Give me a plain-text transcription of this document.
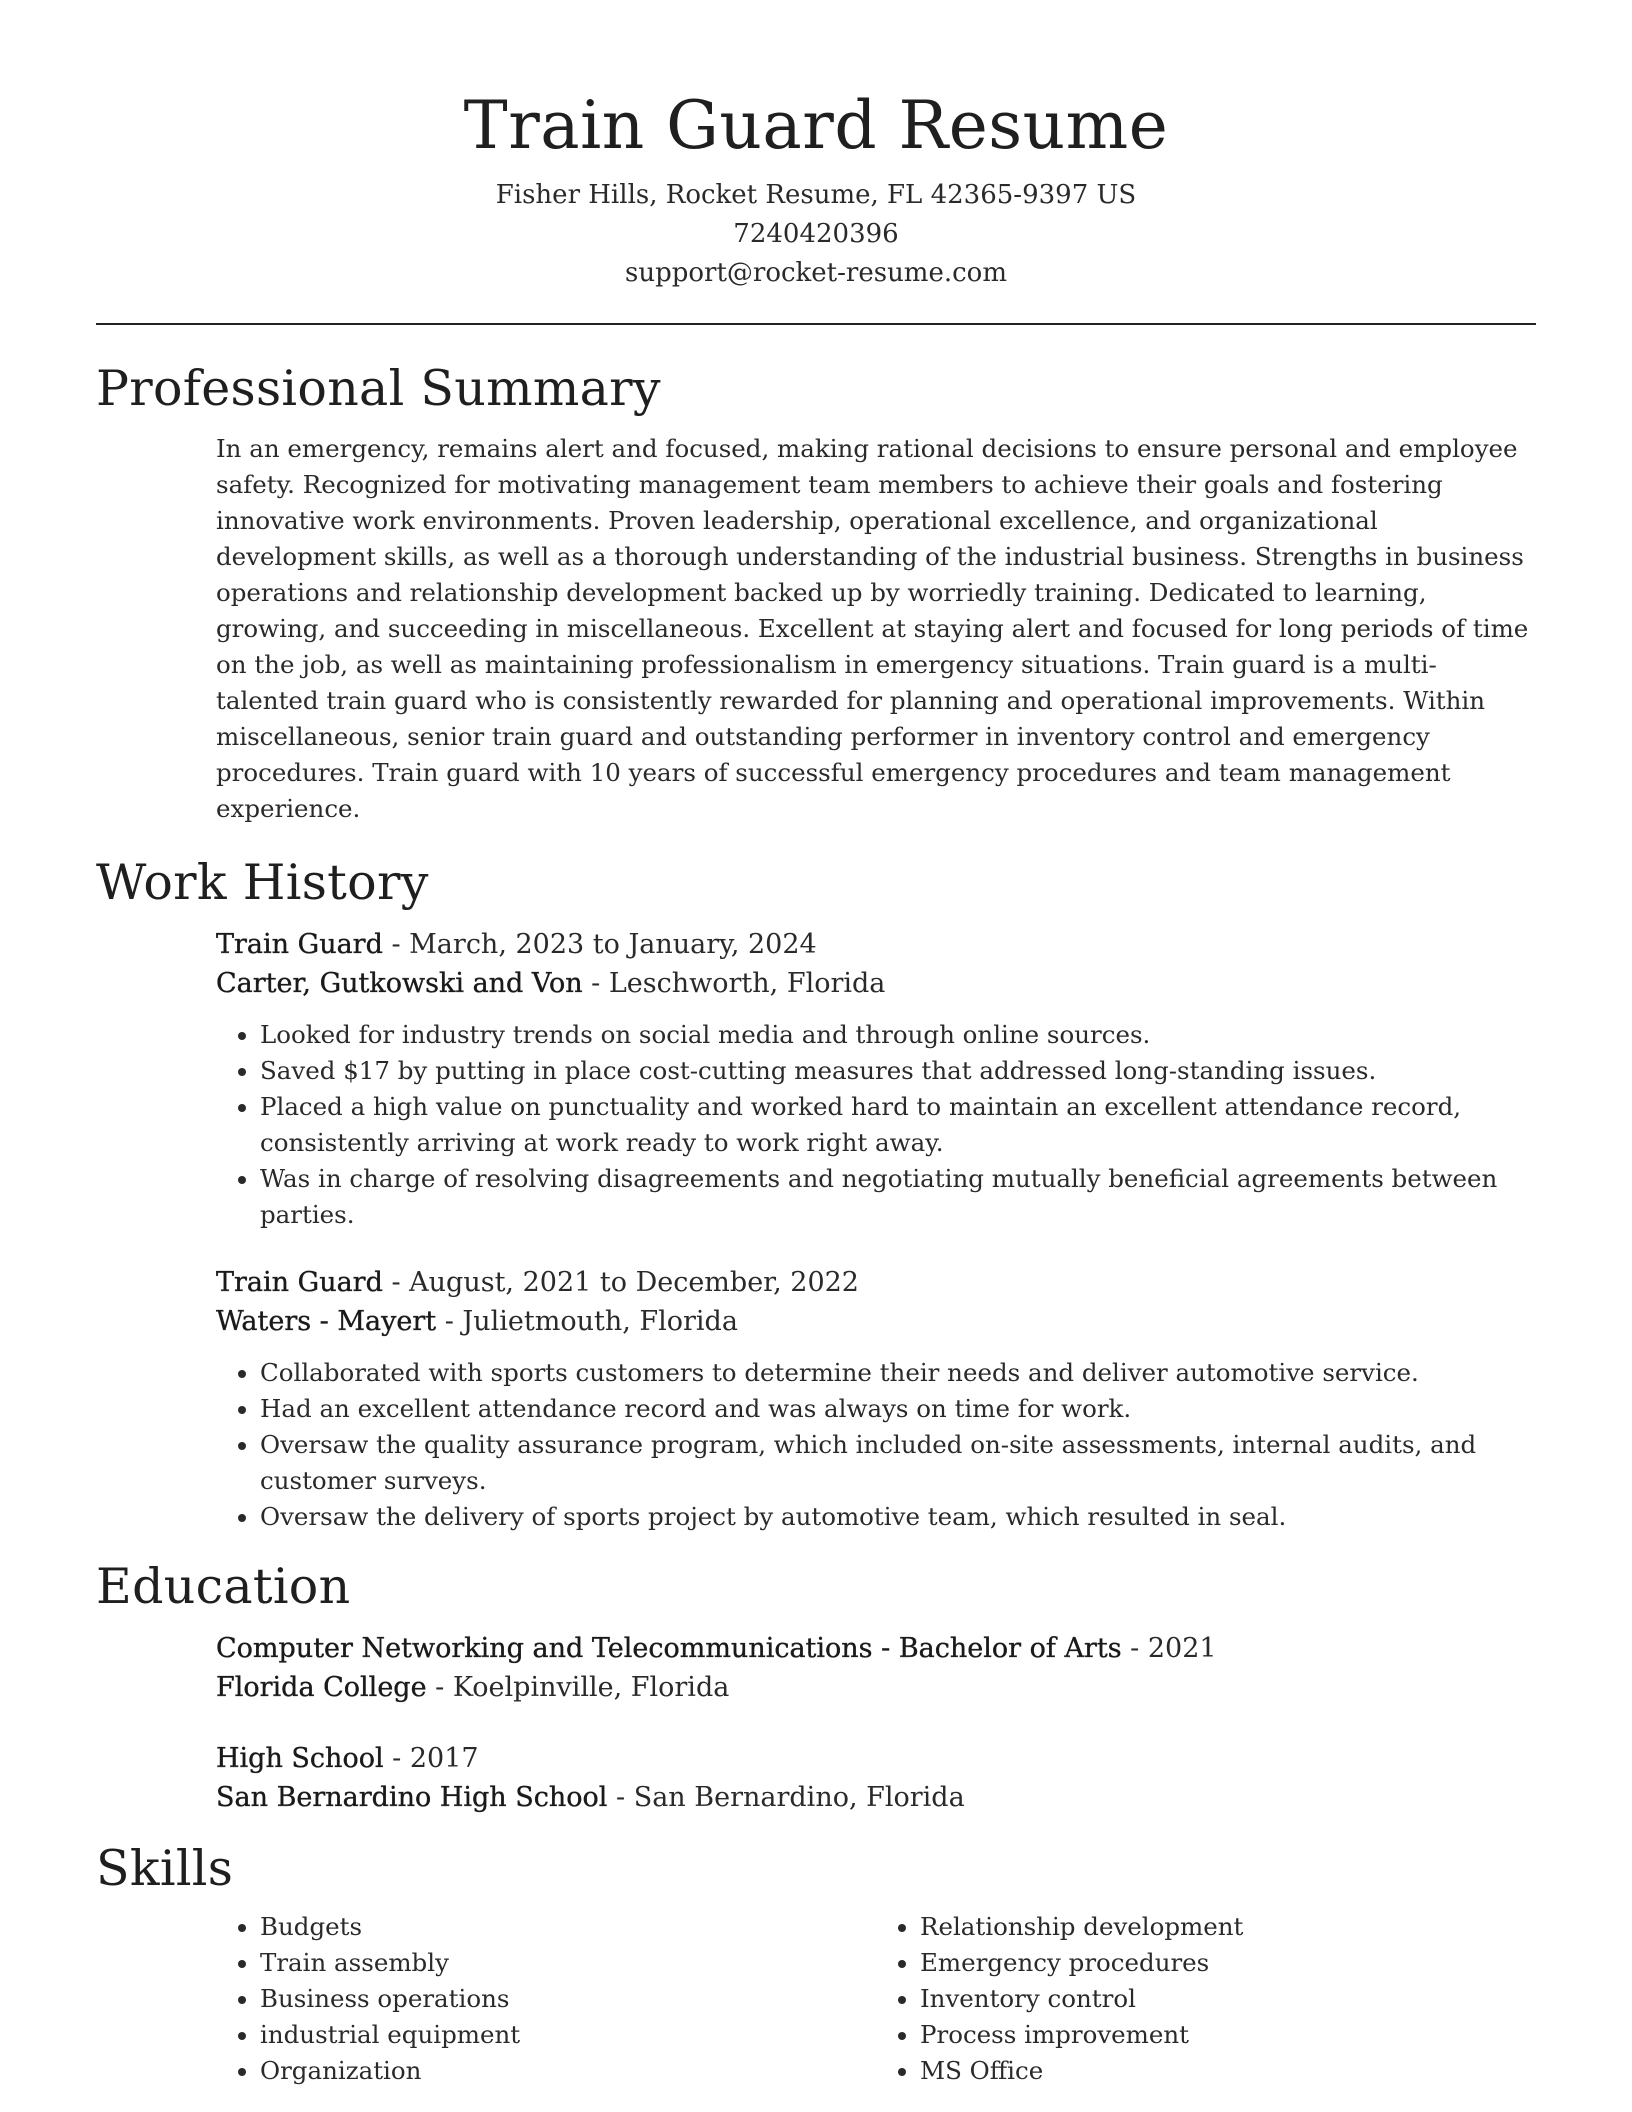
Train Guard Resume
Fisher Hills, Rocket Resume, FL 42365-9397 US
7240420396
support@rocket-resume.com
Professional Summary

In an emergency, remains alert and focused, making rational decisions to ensure personal and employee safety. Recognized for motivating management team members to achieve their goals and fostering innovative work environments. Proven leadership, operational excellence, and organizational development skills, as well as a thorough understanding of the industrial business. Strengths in business operations and relationship development backed up by worriedly training. Dedicated to learning, growing, and succeeding in miscellaneous. Excellent at staying alert and focused for long periods of time on the job, as well as maintaining professionalism in emergency situations. Train guard is a multi-talented train guard who is consistently rewarded for planning and operational improvements. Within miscellaneous, senior train guard and outstanding performer in inventory control and emergency procedures. Train guard with 10 years of successful emergency procedures and team management experience.

Work History

Train Guard - March, 2023 to January, 2024

Carter, Gutkowski and Von - Leschworth, Florida

• Looked for industry trends on social media and through online sources.
• Saved $17 by putting in place cost-cutting measures that addressed long-standing issues.
• Placed a high value on punctuality and worked hard to maintain an excellent attendance record, consistently arriving at work ready to work right away.
• Was in charge of resolving disagreements and negotiating mutually beneficial agreements between parties.

Train Guard - August, 2021 to December, 2022

Waters - Mayert - Julietmouth, Florida

• Collaborated with sports customers to determine their needs and deliver automotive service.
• Had an excellent attendance record and was always on time for work.
• Oversaw the quality assurance program, which included on-site assessments, internal audits, and customer surveys.
• Oversaw the delivery of sports project by automotive team, which resulted in seal.
Education

Computer Networking and Telecommunications - Bachelor of Arts - 2021

Florida College - Koelpinville, Florida

High School - 2017

San Bernardino High School - San Bernardino, Florida

Skills
• Budgets
• Train assembly
• Business operations
• industrial equipment
• Organization
• Relationship development
• Emergency procedures
• Inventory control
• Process improvement
• MS Office
